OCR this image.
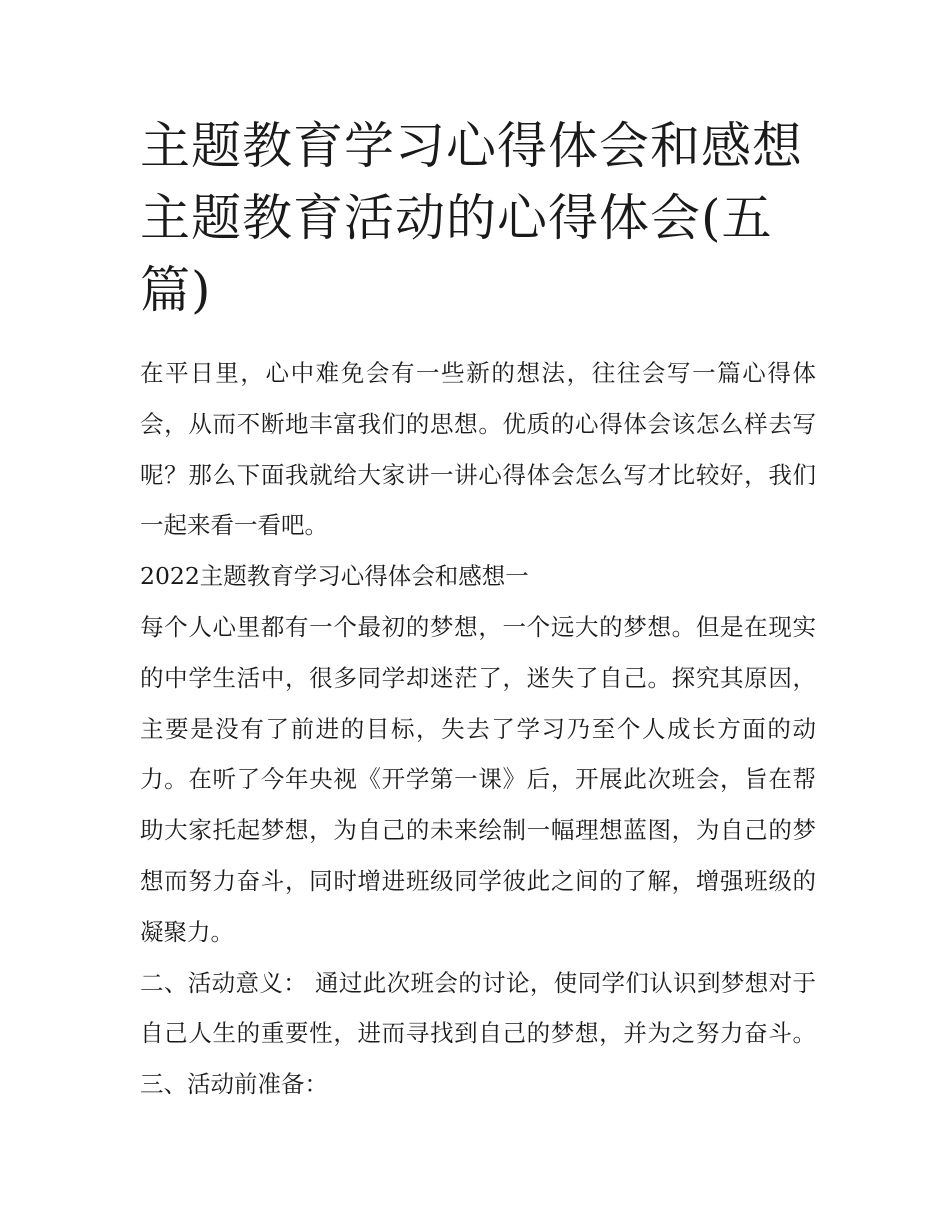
主题教育学习心得体会和感想主题教育活动的心得体会(五篇)

在平日里，心中难免会有一些新的想法，往往会写一篇心得体会，从而不断地丰富我们的思想。优质的心得体会该怎么样去写呢？那么下面我就给大家讲一讲心得体会怎么写才比较好，我们一起来看一看吧。

2022主题教育学习心得体会和感想一

每个人心里都有一个最初的梦想，一个远大的梦想。但是在现实的中学生活中，很多同学却迷茫了，迷失了自己。探究其原因，主要是没有了前进的目标，失去了学习乃至个人成长方面的动力。在听了今年央视《开学第一课》后，开展此次班会，旨在帮助大家托起梦想，为自己的未来绘制一幅理想蓝图，为自己的梦想而努力奋斗，同时增进班级同学彼此之间的了解，增强班级的凝聚力。

二、活动意义： 通过此次班会的讨论，使同学们认识到梦想对于自己人生的重要性，进而寻找到自己的梦想，并为之努力奋斗。 三、活动前准备：
